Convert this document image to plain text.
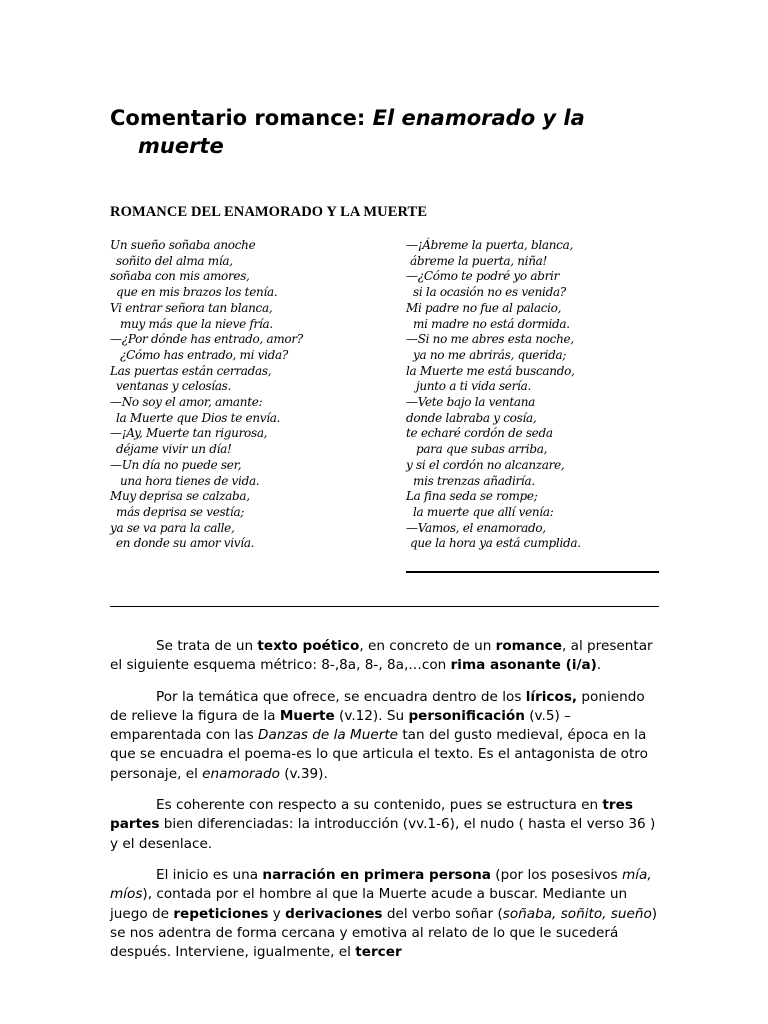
Comentario romance: El enamorado y la
muerte
ROMANCE DEL ENAMORADO Y LA MUERTE
Un sueño soñaba anoche
soñito del alma mía,
soñaba con mis amores,
que en mis brazos los tenía.
Vi entrar señora tan blanca,
muy más que la nieve fría.
—¿Por dónde has entrado, amor?
¿Cómo has entrado, mi vida?
Las puertas están cerradas,
ventanas y celosías.
—No soy el amor, amante:
la Muerte que Dios te envía.
—¡Ay, Muerte tan rigurosa,
déjame vivir un día!
—Un día no puede ser,
una hora tienes de vida.
Muy deprisa se calzaba,
más deprisa se vestía;
ya se va para la calle,
en donde su amor vivía.
—¡Ábreme la puerta, blanca,
ábreme la puerta, niña!
—¿Cómo te podré yo abrir
si la ocasión no es venida?
Mi padre no fue al palacio,
mi madre no está dormida.
—Si no me abres esta noche,
ya no me abrirás, querida;
la Muerte me está buscando,
junto a ti vida sería.
—Vete bajo la ventana
donde labraba y cosía,
te echaré cordón de seda
para que subas arriba,
y si el cordón no alcanzare,
mis trenzas añadiría.
La fina seda se rompe;
la muerte que allí venía:
—Vamos, el enamorado,
que la hora ya está cumplida.

Se trata de un texto poético, en concreto de un romance, al presentar el siguiente esquema métrico: 8-,8a, 8-, 8a,…con rima asonante (i/a).

Por la temática que ofrece, se encuadra dentro de los líricos, poniendo de relieve la figura de la Muerte (v.12). Su personificación (v.5) –emparentada con las Danzas de la Muerte tan del gusto medieval, época en la que se encuadra el poema-es lo que articula el texto. Es el antagonista de otro personaje, el enamorado (v.39).

Es coherente con respecto a su contenido, pues se estructura en tres partes bien diferenciadas: la introducción (vv.1-6), el nudo ( hasta el verso 36 ) y el desenlace.

El inicio es una narración en primera persona (por los posesivos mía, míos), contada por el hombre al que la Muerte acude a buscar. Mediante un juego de repeticiones y derivaciones del verbo soñar (soñaba, soñito, sueño) se nos adentra de forma cercana y emotiva al relato de lo que le sucederá después. Interviene, igualmente, el tercer
